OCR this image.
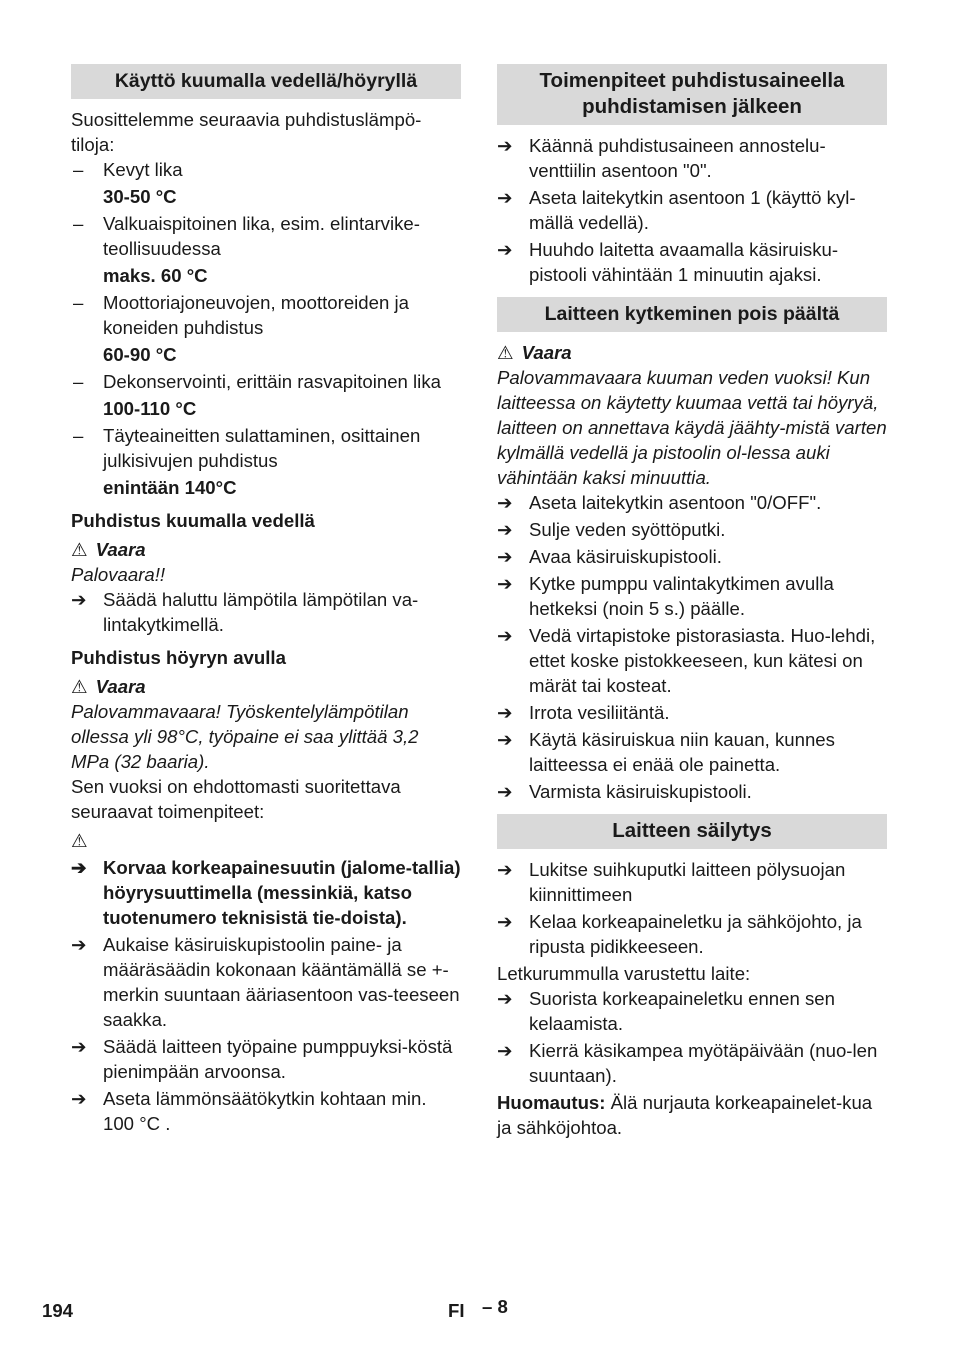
Käyttö kuumalla vedellä/höyryllä

Suosittelemme seuraavia puhdistuslämpö-tiloja:

– Kevyt lika
30-50 °C
– Valkuaispitoinen lika, esim. elintarvike-teollisuudessa
maks. 60 °C
– Moottoriajoneuvojen, moottoreiden ja koneiden puhdistus
60-90 °C
– Dekonservointi, erittäin rasvapitoinen lika
100-110 °C
– Täyteaineitten sulattaminen, osittainen julkisivujen puhdistus
enintään 140°C
Puhdistus kuumalla vedellä
⚠ Vaara

Palovaara!!

➔ Säädä haluttu lämpötila lämpötilan va-lintakytkimellä.
Puhdistus höyryn avulla
⚠ Vaara

Palovammavaara! Työskentelylämpötilan ollessa yli 98°C, työpaine ei saa ylittää 3,2 MPa (32 baaria).

Sen vuoksi on ehdottomasti suoritettava seuraavat toimenpiteet:

⚠
➔ Korvaa korkeapainesuutin (jalome-tallia) höyrysuuttimella (messinkiä, katso tuotenumero teknisistä tie-doista).
➔ Aukaise käsiruiskupistoolin paine- ja määräsäädin kokonaan kääntämällä se +-merkin suuntaan ääriasentoon vas-teeseen saakka.
➔ Säädä laitteen työpaine pumppuyksi-köstä pienimpään arvoonsa.
➔ Aseta lämmönsäätökytkin kohtaan min. 100 °C .
Toimenpiteet puhdistusaineella puhdistamisen jälkeen
➔ Käännä puhdistusaineen annostelu-venttiilin asentoon "0".
➔ Aseta laitekytkin asentoon 1 (käyttö kyl-mällä vedellä).
➔ Huuhdo laitetta avaamalla käsiruisku-pistooli vähintään 1 minuutin ajaksi.
Laitteen kytkeminen pois päältä
⚠ Vaara

Palovammavaara kuuman veden vuoksi! Kun laitteessa on käytetty kuumaa vettä tai höyryä, laitteen on annettava käydä jäähty-mistä varten kylmällä vedellä ja pistoolin ol-lessa auki vähintään kaksi minuuttia.

➔ Aseta laitekytkin asentoon "0/OFF".
➔ Sulje veden syöttöputki.
➔ Avaa käsiruiskupistooli.
➔ Kytke pumppu valintakytkimen avulla hetkeksi (noin 5 s.) päälle.
➔ Vedä virtapistoke pistorasiasta. Huo-lehdi, ettet koske pistokkeeseen, kun kätesi on märät tai kosteat.
➔ Irrota vesiliitäntä.
➔ Käytä käsiruiskua niin kauan, kunnes laitteessa ei enää ole painetta.
➔ Varmista käsiruiskupistooli.
Laitteen säilytys
➔ Lukitse suihkuputki laitteen pölysuojan kiinnittimeen
➔ Kelaa korkeapaineletku ja sähköjohto, ja ripusta pidikkeeseen.

Letkurummulla varustettu laite:

➔ Suorista korkeapaineletku ennen sen kelaamista.
➔ Kierrä käsikampea myötäpäivään (nuo-len suuntaan).

Huomautus: Älä nurjauta korkeapainelet-kua ja sähköjohtoa.

194	FI – 8
